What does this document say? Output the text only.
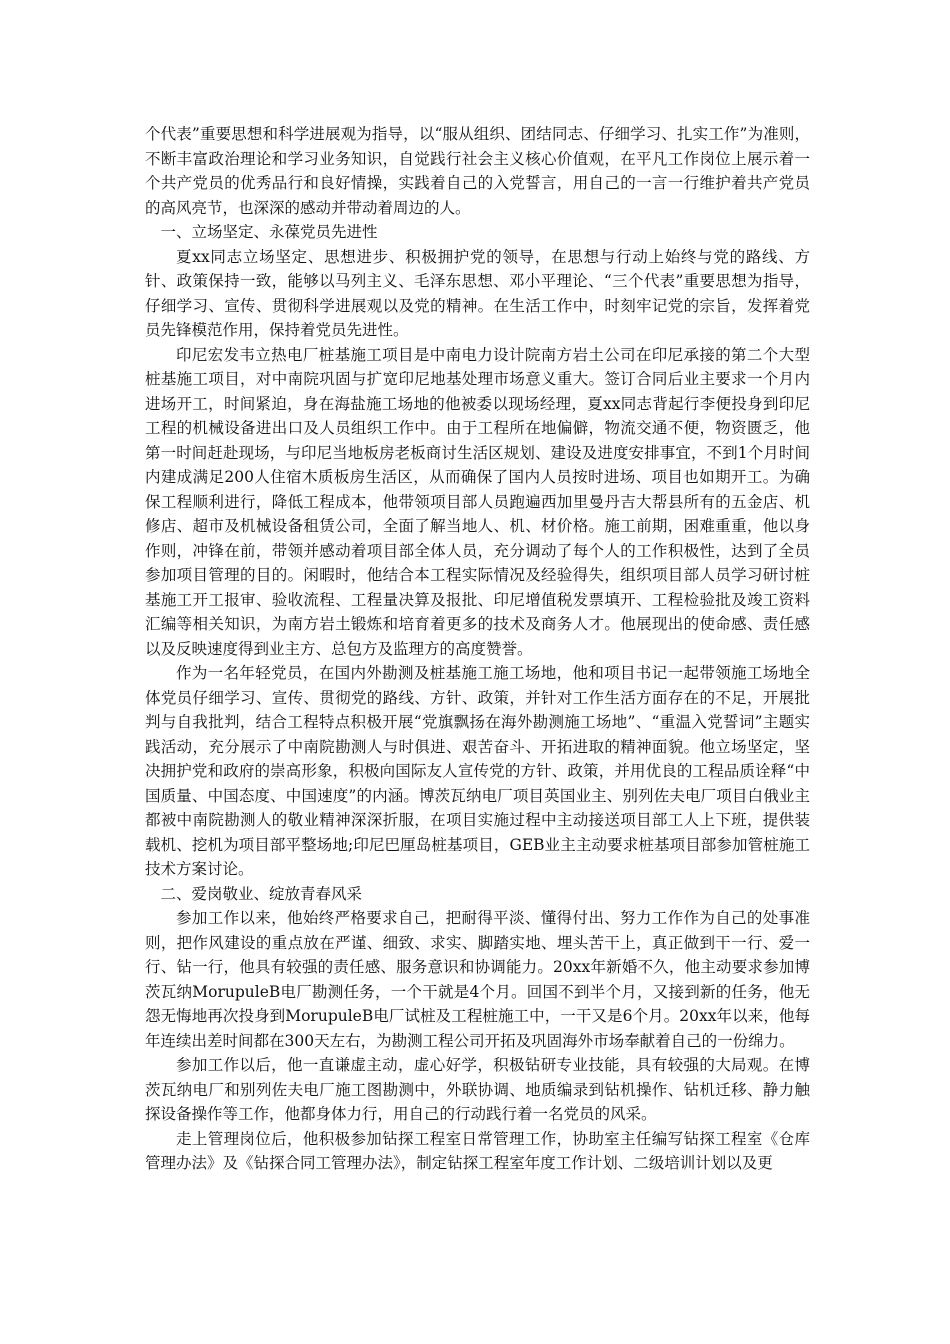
个代表”重要思想和科学进展观为指导，以“服从组织、团结同志、仔细学习、扎实工作”为准则，不断丰富政治理论和学习业务知识，自觉践行社会主义核心价值观，在平凡工作岗位上展示着一个共产党员的优秀品行和良好情操，实践着自己的入党誓言，用自己的一言一行维护着共产党员的高风亮节，也深深的感动并带动着周边的人。

一、立场坚定、永葆党员先进性

夏xx同志立场坚定、思想进步、积极拥护党的领导，在思想与行动上始终与党的路线、方针、政策保持一致，能够以马列主义、毛泽东思想、邓小平理论、“三个代表”重要思想为指导，仔细学习、宣传、贯彻科学进展观以及党的精神。在生活工作中，时刻牢记党的宗旨，发挥着党员先锋模范作用，保持着党员先进性。

印尼宏发韦立热电厂桩基施工项目是中南电力设计院南方岩土公司在印尼承接的第二个大型桩基施工项目，对中南院巩固与扩宽印尼地基处理市场意义重大。签订合同后业主要求一个月内进场开工，时间紧迫，身在海盐施工场地的他被委以现场经理，夏xx同志背起行李便投身到印尼工程的机械设备进出口及人员组织工作中。由于工程所在地偏僻，物流交通不便，物资匮乏，他第一时间赶赴现场，与印尼当地板房老板商讨生活区规划、建设及进度安排事宜，不到1个月时间内建成满足200人住宿木质板房生活区，从而确保了国内人员按时进场、项目也如期开工。为确保工程顺利进行，降低工程成本，他带领项目部人员跑遍西加里曼丹吉大帮县所有的五金店、机修店、超市及机械设备租赁公司，全面了解当地人、机、材价格。施工前期，困难重重，他以身作则，冲锋在前，带领并感动着项目部全体人员，充分调动了每个人的工作积极性，达到了全员参加项目管理的目的。闲暇时，他结合本工程实际情况及经验得失，组织项目部人员学习研讨桩基施工开工报审、验收流程、工程量决算及报批、印尼增值税发票填开、工程检验批及竣工资料汇编等相关知识，为南方岩土锻炼和培育着更多的技术及商务人才。他展现出的使命感、责任感以及反映速度得到业主方、总包方及监理方的高度赞誉。

作为一名年轻党员，在国内外勘测及桩基施工施工场地，他和项目书记一起带领施工场地全体党员仔细学习、宣传、贯彻党的路线、方针、政策，并针对工作生活方面存在的不足，开展批判与自我批判，结合工程特点积极开展“党旗飘扬在海外勘测施工场地”、“重温入党誓词”主题实践活动，充分展示了中南院勘测人与时俱进、艰苦奋斗、开拓进取的精神面貌。他立场坚定，坚决拥护党和政府的崇高形象，积极向国际友人宣传党的方针、政策，并用优良的工程品质诠释“中国质量、中国态度、中国速度”的内涵。博茨瓦纳电厂项目英国业主、别列佐夫电厂项目白俄业主都被中南院勘测人的敬业精神深深折服，在项目实施过程中主动接送项目部工人上下班，提供装载机、挖机为项目部平整场地;印尼巴厘岛桩基项目，GEB业主主动要求桩基项目部参加管桩施工技术方案讨论。

二、爱岗敬业、绽放青春风采

参加工作以来，他始终严格要求自己，把耐得平淡、懂得付出、努力工作作为自己的处事准则，把作风建设的重点放在严谨、细致、求实、脚踏实地、埋头苦干上，真正做到干一行、爱一行、钻一行，他具有较强的责任感、服务意识和协调能力。20xx年新婚不久，他主动要求参加博茨瓦纳MorupuleB电厂勘测任务，一个干就是4个月。回国不到半个月，又接到新的任务，他无怨无悔地再次投身到MorupuleB电厂试桩及工程桩施工中，一干又是6个月。20xx年以来，他每年连续出差时间都在300天左右，为勘测工程公司开拓及巩固海外市场奉献着自己的一份绵力。

参加工作以后，他一直谦虚主动，虚心好学，积极钻研专业技能，具有较强的大局观。在博茨瓦纳电厂和别列佐夫电厂施工图勘测中，外联协调、地质编录到钻机操作、钻机迁移、静力触探设备操作等工作，他都身体力行，用自己的行动践行着一名党员的风采。

走上管理岗位后，他积极参加钻探工程室日常管理工作，协助室主任编写钻探工程室《仓库管理办法》及《钻探合同工管理办法》，制定钻探工程室年度工作计划、二级培训计划以及更
